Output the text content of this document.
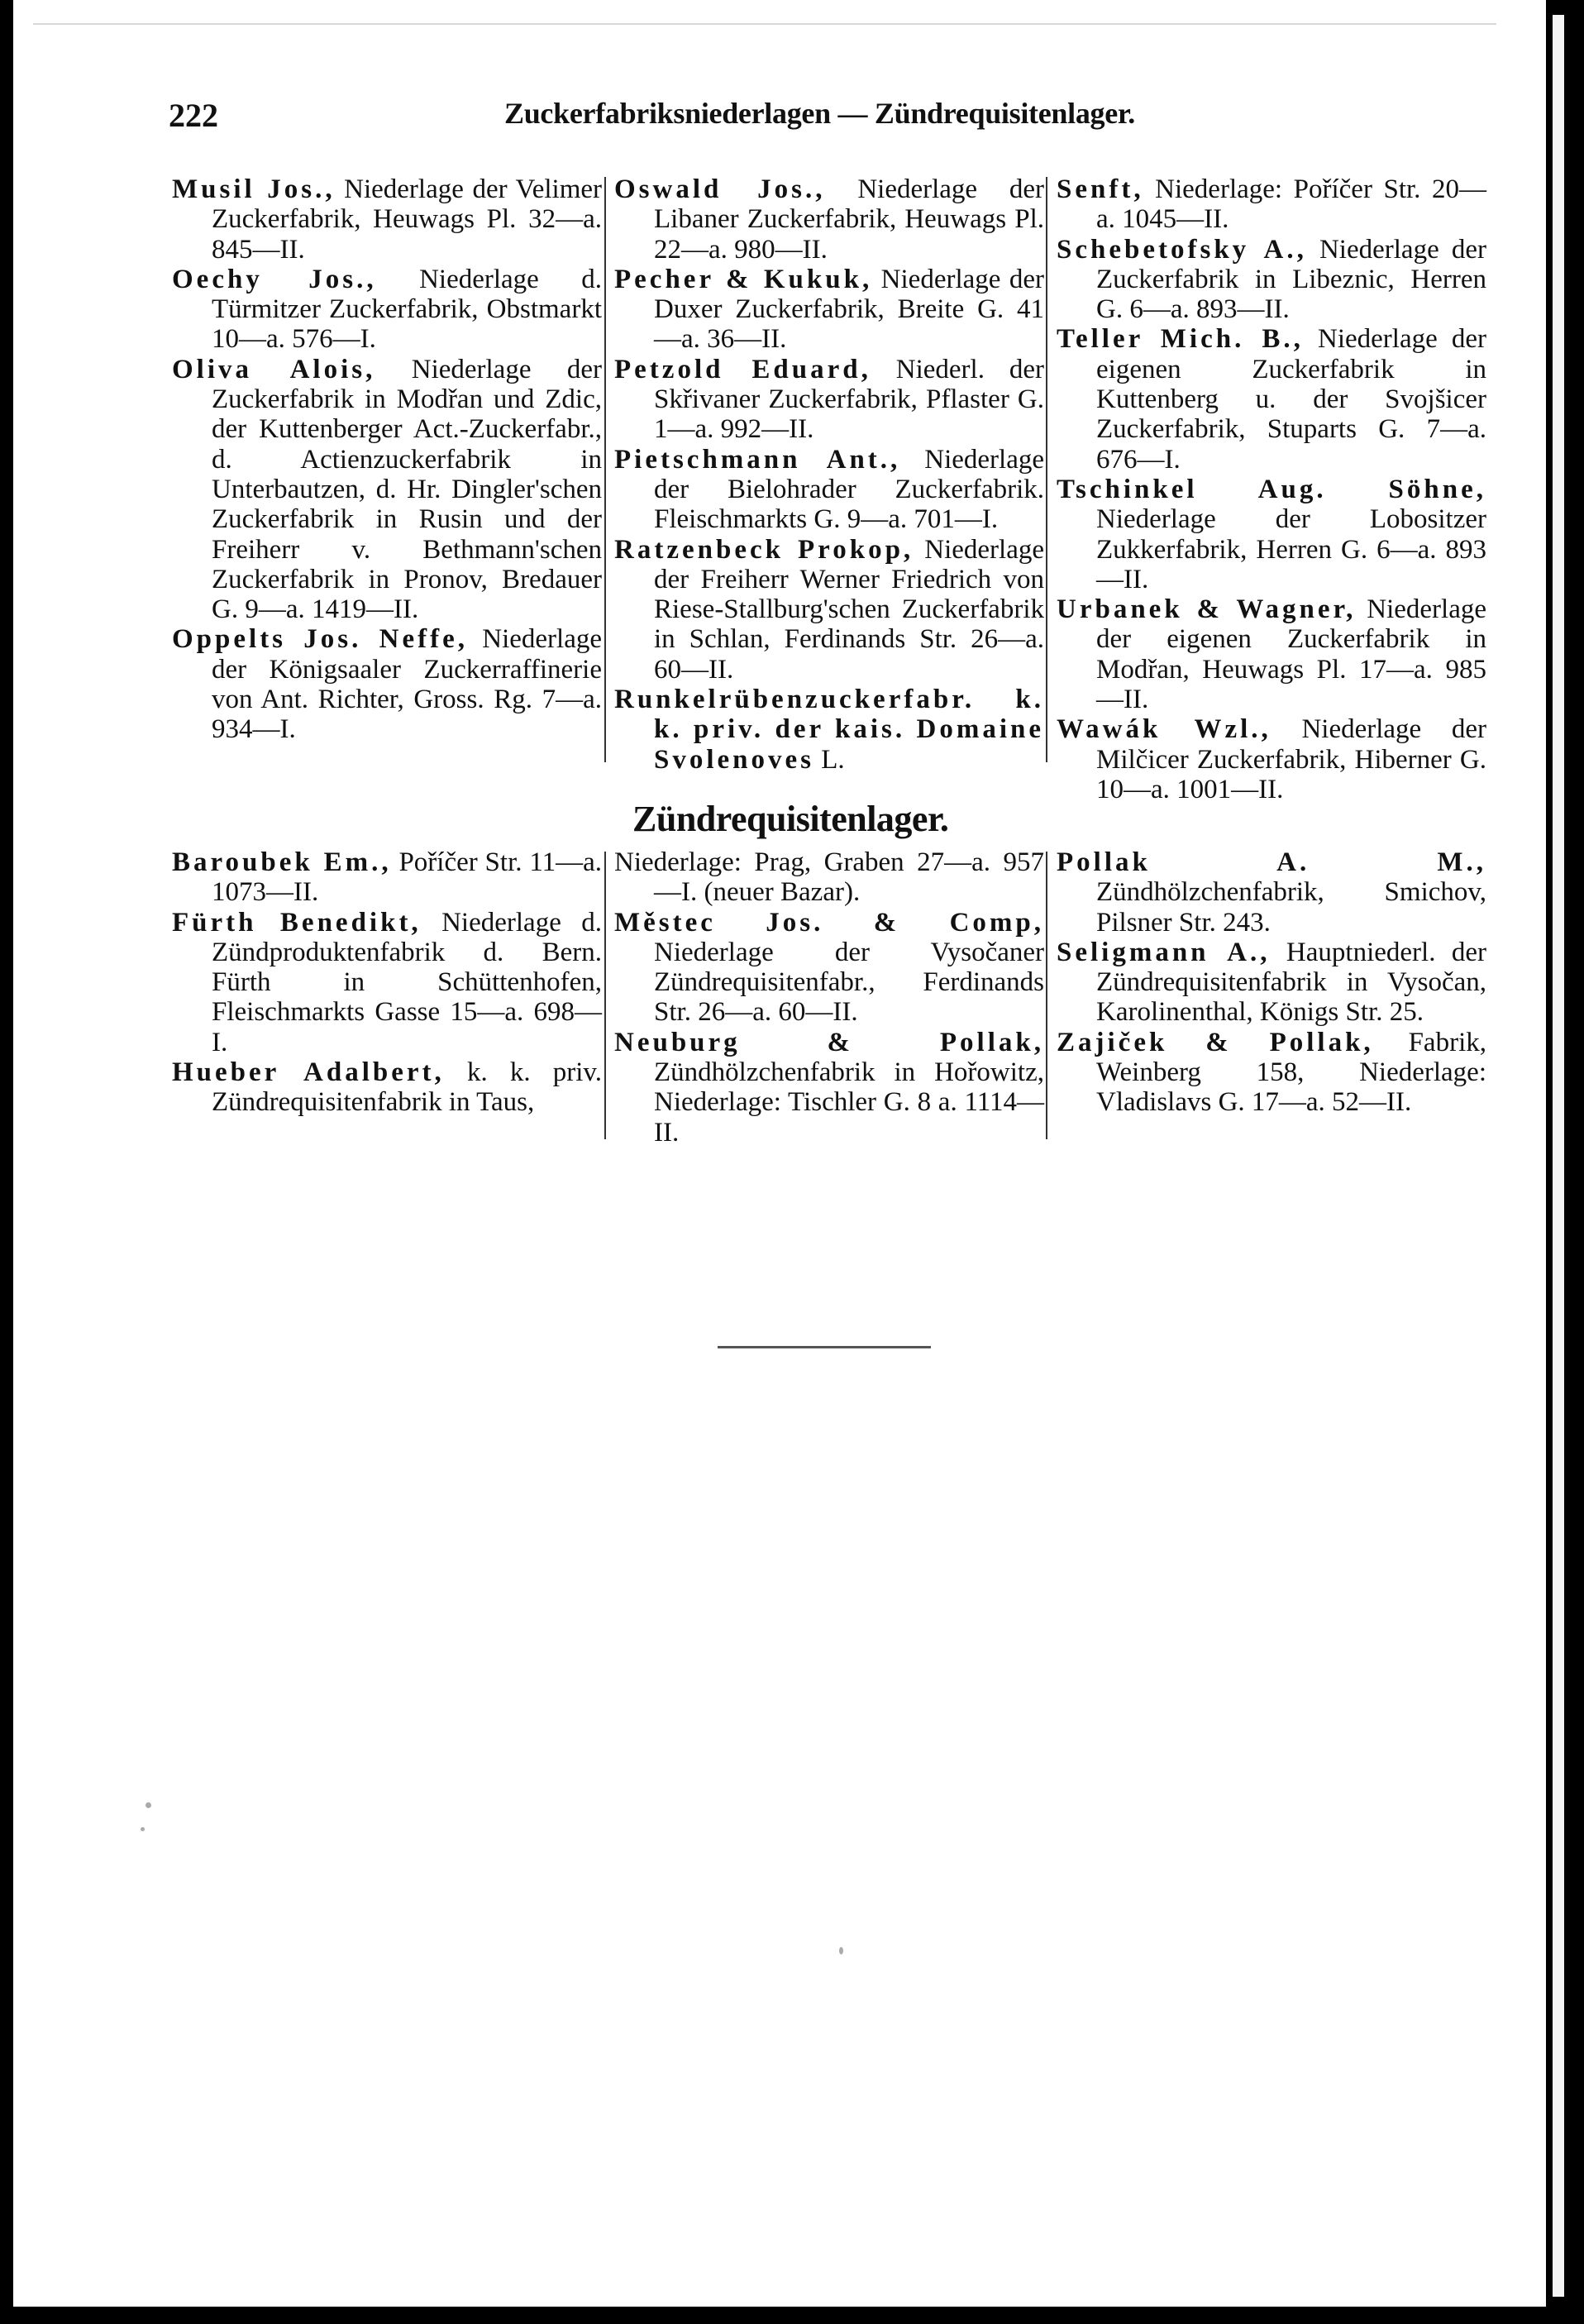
222	Zuckerfabriksniederlagen — Zündrequisitenlager.

Musil Jos., Niederlage der Velimer Zuckerfabrik, Heuwags Pl. 32—a. 845—II.

Oechy Jos., Niederlage d. Türmitzer Zuckerfabrik, Obstmarkt 10—a. 576—I.

Oliva Alois, Niederlage der Zuckerfabrik in Modřan und Zdic, der Kuttenberger Act.-Zuckerfabr., d. Actienzuckerfabrik in Unterbautzen, d. Hr. Dingler'schen Zuckerfabrik in Rusin und der Freiherr v. Bethmann'schen Zuckerfabrik in Pronov, Bredauer G. 9—a. 1419—II.

Oppelts Jos. Neffe, Niederlage der Königsaaler Zuckerraffinerie von Ant. Richter, Gross. Rg. 7—a. 934—I.

Oswald Jos., Niederlage der Libaner Zuckerfabrik, Heuwags Pl. 22—a. 980—II.

Pecher & Kukuk, Niederlage der Duxer Zuckerfabrik, Breite G. 41—a. 36—II.

Petzold Eduard, Niederl. der Skřivaner Zuckerfabrik, Pflaster G. 1—a. 992—II.

Pietschmann Ant., Niederlage der Bielohrader Zuckerfabrik. Fleischmarkts G. 9—a. 701—I.

Ratzenbeck Prokop, Niederlage der Freiherr Werner Friedrich von Riese-Stallburg'schen Zuckerfabrik in Schlan, Ferdinands Str. 26—a. 60—II.

Runkelrübenzuckerfabr. k. k. priv. der kais. Domaine Svolenoves L.

Senft, Niederlage: Poříčer Str. 20—a. 1045—II.

Schebetofsky A., Niederlage der Zuckerfabrik in Libeznic, Herren G. 6—a. 893—II.

Teller Mich. B., Niederlage der eigenen Zuckerfabrik in Kuttenberg u. der Svojšicer Zuckerfabrik, Stuparts G. 7—a. 676—I.

Tschinkel Aug. Söhne, Niederlage der Lobositzer Zukkerfabrik, Herren G. 6—a. 893—II.

Urbanek & Wagner, Niederlage der eigenen Zuckerfabrik in Modřan, Heuwags Pl. 17—a. 985—II.

Wawák Wzl., Niederlage der Milčicer Zuckerfabrik, Hiberner G. 10—a. 1001—II.

Zündrequisitenlager.

Baroubek Em., Poříčer Str. 11—a. 1073—II.

Fürth Benedikt, Niederlage d. Zündproduktenfabrik d. Bern. Fürth in Schüttenhofen, Fleischmarkts Gasse 15—a. 698—I.

Hueber Adalbert, k. k. priv. Zündrequisitenfabrik in Taus,

Niederlage: Prag, Graben 27—a. 957—I. (neuer Bazar).

Městec Jos. & Comp, Niederlage der Vysočaner Zündrequisitenfabr., Ferdinands Str. 26—a. 60—II.

Neuburg & Pollak, Zündhölzchenfabrik in Hořowitz, Niederlage: Tischler G. 8 a. 1114—II.

Pollak A. M., Zündhölzchenfabrik, Smichov, Pilsner Str. 243.

Seligmann A., Hauptniederl. der Zündrequisitenfabrik in Vysočan, Karolinenthal, Königs Str. 25.

Zajiček & Pollak, Fabrik, Weinberg 158, Niederlage: Vladislavs G. 17—a. 52—II.
